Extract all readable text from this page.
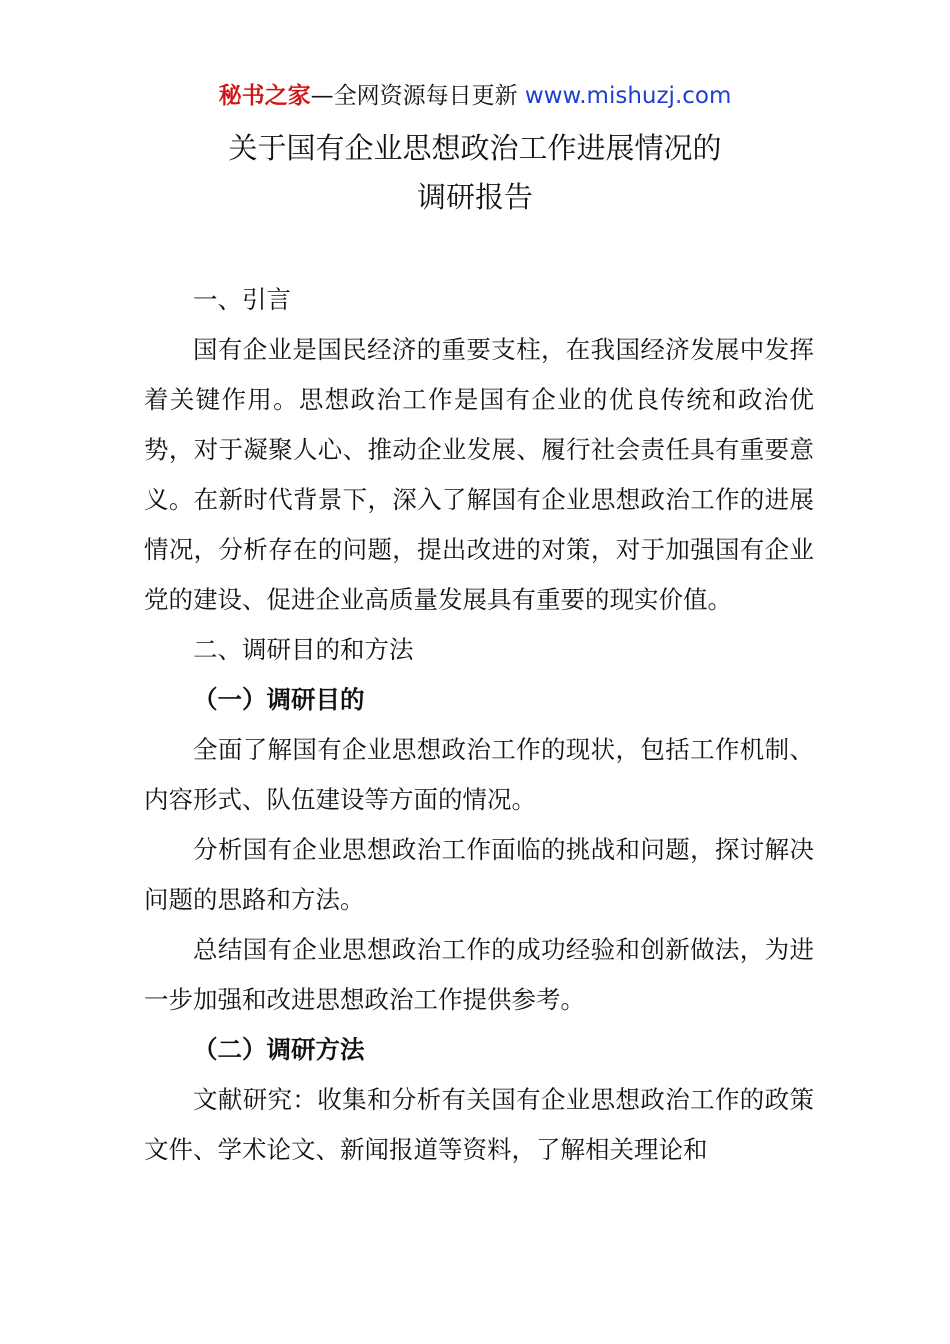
秘书之家—全网资源每日更新 www.mishuzj.com
关于国有企业思想政治工作进展情况的
调研报告

一、引言

国有企业是国民经济的重要支柱，在我国经济发展中发挥着关键作用。思想政治工作是国有企业的优良传统和政治优势，对于凝聚人心、推动企业发展、履行社会责任具有重要意义。在新时代背景下，深入了解国有企业思想政治工作的进展情况，分析存在的问题，提出改进的对策，对于加强国有企业党的建设、促进企业高质量发展具有重要的现实价值。

二、调研目的和方法

（一）调研目的

全面了解国有企业思想政治工作的现状，包括工作机制、内容形式、队伍建设等方面的情况。

分析国有企业思想政治工作面临的挑战和问题，探讨解决问题的思路和方法。

总结国有企业思想政治工作的成功经验和创新做法，为进一步加强和改进思想政治工作提供参考。

（二）调研方法

文献研究：收集和分析有关国有企业思想政治工作的政策文件、学术论文、新闻报道等资料，了解相关理论和
